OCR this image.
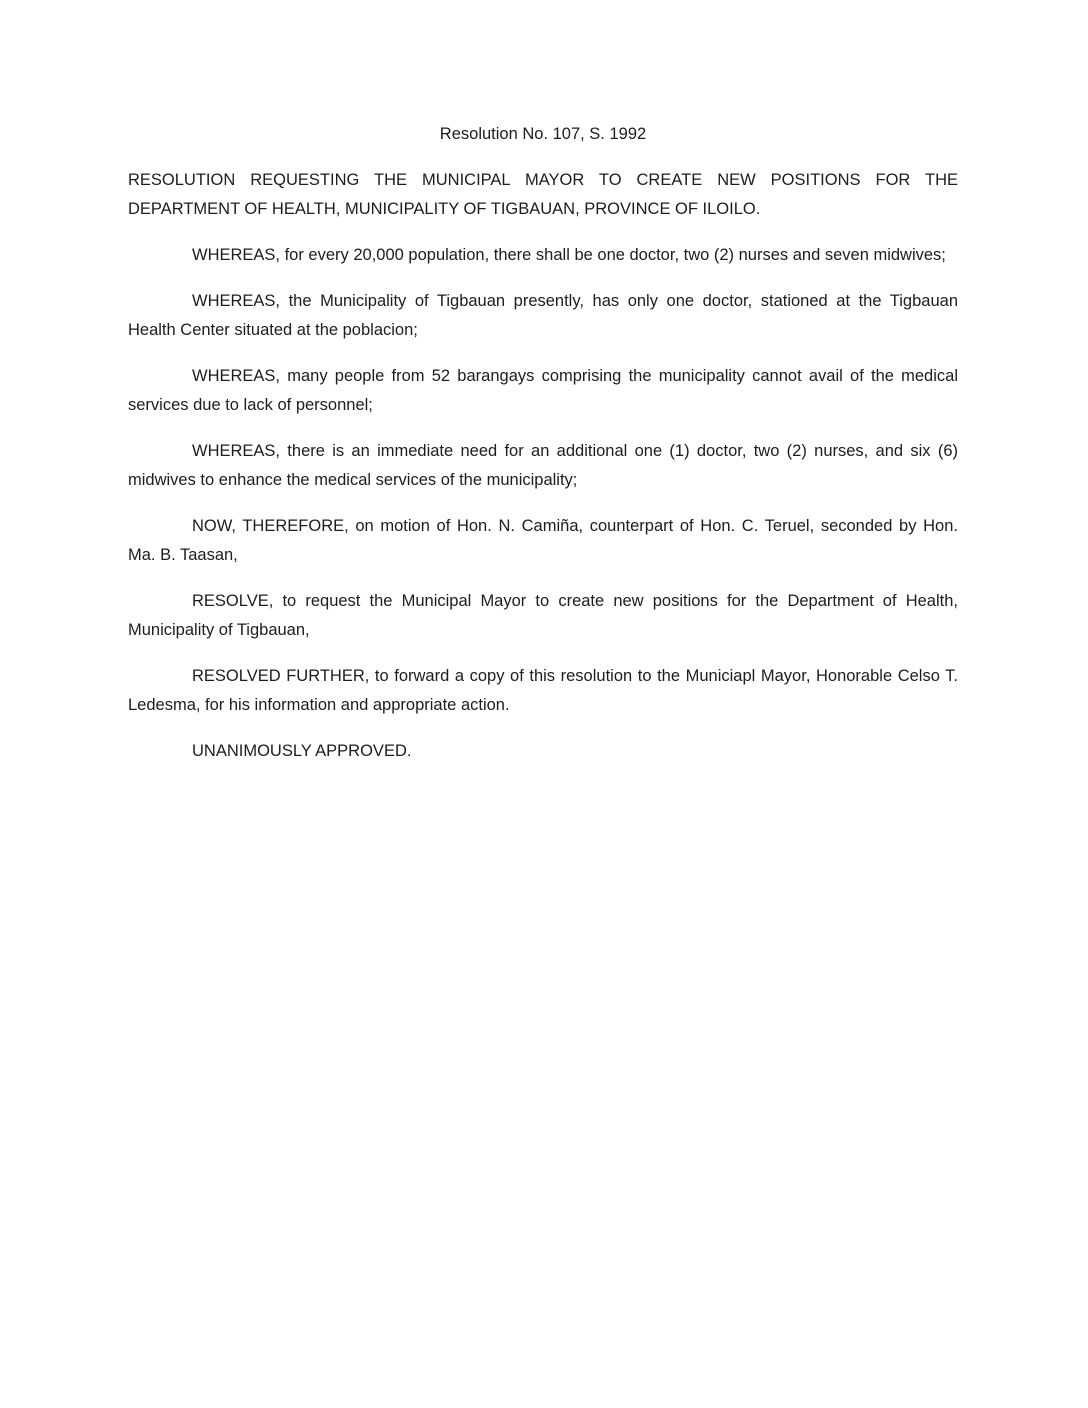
Resolution No. 107, S. 1992

RESOLUTION REQUESTING THE MUNICIPAL MAYOR TO CREATE NEW POSITIONS FOR THE DEPARTMENT OF HEALTH, MUNICIPALITY OF TIGBAUAN, PROVINCE OF ILOILO.

WHEREAS, for every 20,000 population, there shall be one doctor, two (2) nurses and seven midwives;

WHEREAS, the Municipality of Tigbauan presently, has only one doctor, stationed at the Tigbauan Health Center situated at the poblacion;

WHEREAS, many people from 52 barangays comprising the municipality cannot avail of the medical services due to lack of personnel;

WHEREAS, there is an immediate need for an additional one (1) doctor, two (2) nurses, and six (6) midwives to enhance the medical services of the municipality;

NOW, THEREFORE, on motion of Hon. N. Camiña, counterpart of Hon. C. Teruel, seconded by Hon. Ma. B. Taasan,

RESOLVE, to request the Municipal Mayor to create new positions for the Department of Health, Municipality of Tigbauan,

RESOLVED FURTHER, to forward a copy of this resolution to the Municiapl Mayor, Honorable Celso T. Ledesma, for his information and appropriate action.

UNANIMOUSLY APPROVED.
